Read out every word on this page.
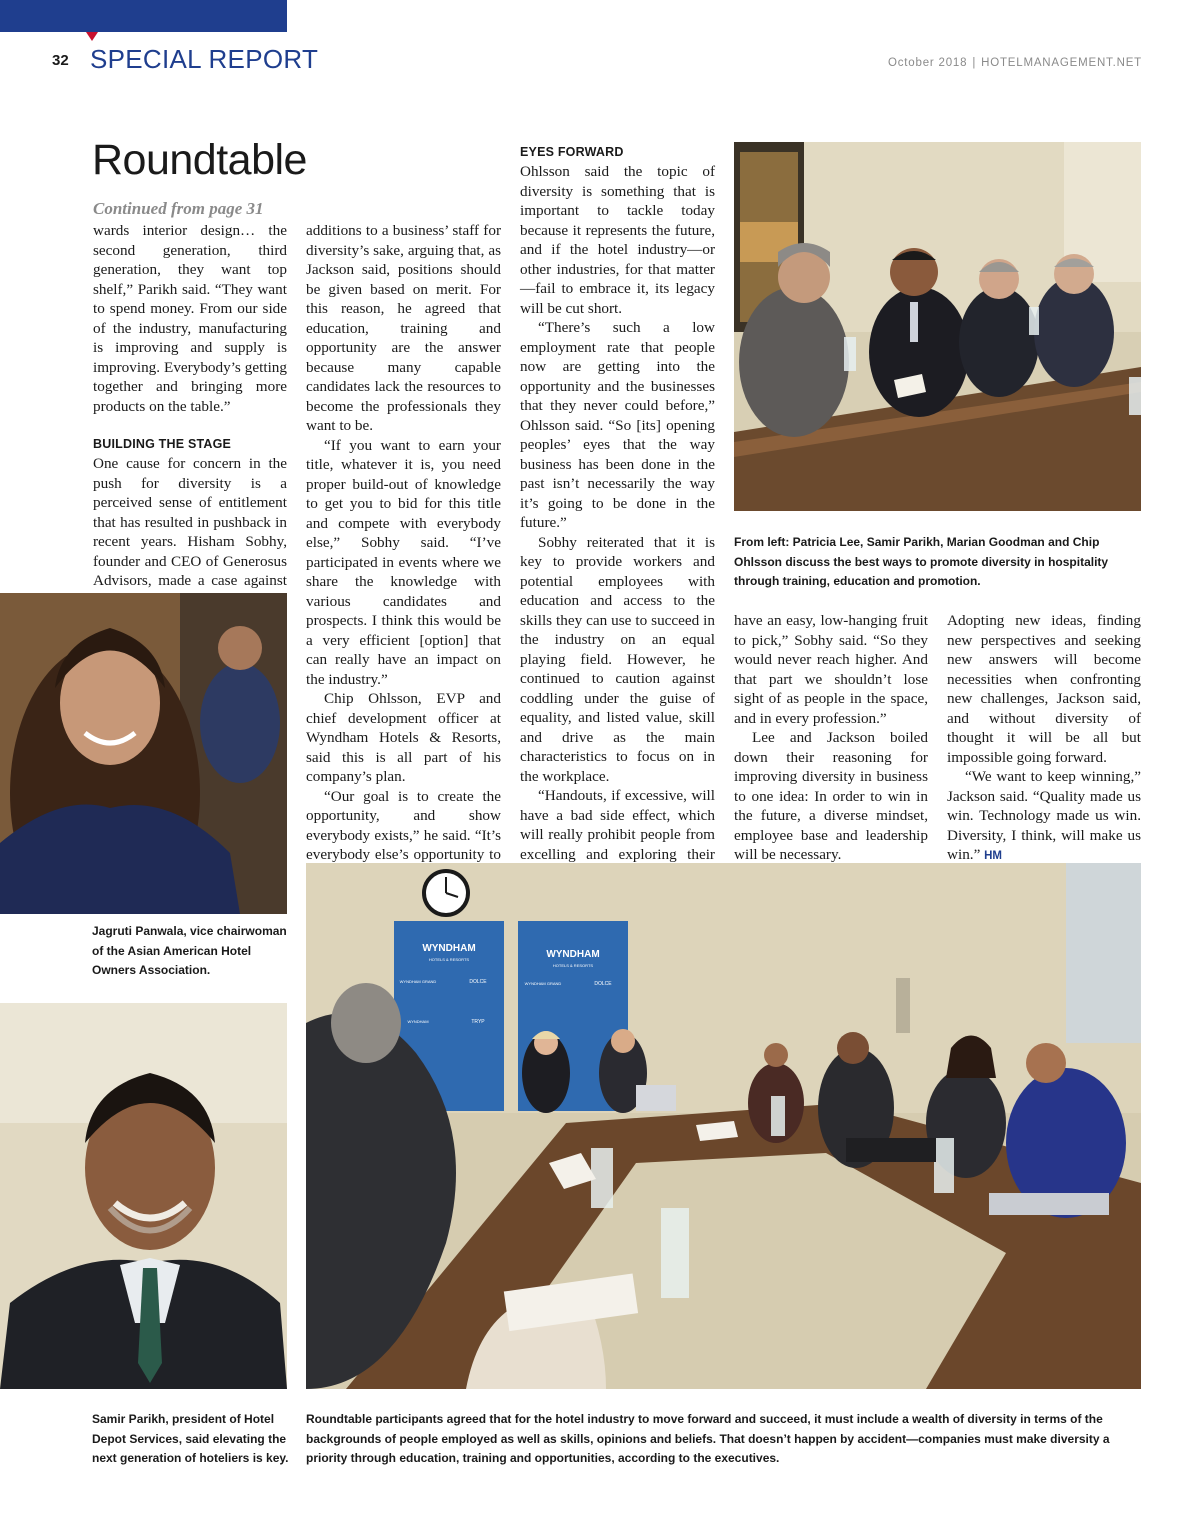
32 SPECIAL REPORT	October 2018 | HOTELMANAGEMENT.NET
Roundtable
Continued from page 31

wards interior design… the second generation, third generation, they want top shelf,” Parikh said. “They want to spend money. From our side of the industry, manufacturing is improving and supply is improving. Everybody’s getting together and bringing more products on the table.”

BUILDING THE STAGE

One cause for concern in the push for diversity is a perceived sense of entitlement that has resulted in pushback in recent years. Hisham Sobhy, founder and CEO of Generosus Advisors, made a case against

additions to a business’ staff for diversity’s sake, arguing that, as Jackson said, positions should be given based on merit. For this reason, he agreed that education, training and opportunity are the answer because many capable candidates lack the resources to become the professionals they want to be.

“If you want to earn your title, whatever it is, you need proper build-out of knowledge to get you to bid for this title and compete with everybody else,” Sobhy said. “I’ve participated in events where we share the knowledge with various candidates and prospects. I think this would be a very efficient [option] that can really have an impact on the industry.”

Chip Ohlsson, EVP and chief development officer at Wyndham Hotels & Resorts, said this is all part of his company’s plan.

“Our goal is to create the opportunity, and show everybody exists,” he said. “It’s everybody else’s opportunity to

EYES FORWARD

Ohlsson said the topic of diversity is something that is important to tackle today because it represents the future, and if the hotel industry—or other industries, for that matter—fail to embrace it, its legacy will be cut short.

“There’s such a low employment rate that people now are getting into the opportunity and the businesses that they never could before,” Ohlsson said. “So [its] opening peoples’ eyes that the way business has been done in the past isn’t necessarily the way it’s going to be done in the future.”

Sobhy reiterated that it is key to provide workers and potential employees with education and access to the skills they can use to succeed in the industry on an equal playing field. However, he continued to caution against coddling under the guise of equality, and listed value, skill and drive as the main characteristics to focus on in the workplace.

“Handouts, if excessive, will have a bad side effect, which will really prohibit people from excelling and exploring their

have an easy, low-hanging fruit to pick,” Sobhy said. “So they would never reach higher. And that part we shouldn’t lose sight of as people in the space, and in every profession.”

Lee and Jackson boiled down their reasoning for improving diversity in business to one idea: In order to win in the future, a diverse mindset, employee base and leadership will be necessary.

Adopting new ideas, finding new perspectives and seeking new answers will become necessities when confronting new challenges, Jackson said, and without diversity of thought it will be all but impossible going forward.

“We want to keep winning,” Jackson said. “Quality made us win. Technology made us win. Diversity, I think, will make us win.” HM

From left: Patricia Lee, Samir Parikh, Marian Goodman and Chip Ohlsson discuss the best ways to promote diversity in hospitality through training, education and promotion.
Jagruti Panwala, vice chairwoman of the Asian American Hotel Owners Association.
Samir Parikh, president of Hotel Depot Services, said elevating the next generation of hoteliers is key.
WYNDHAM
HOTELS & RESORTS
WYNDHAM GRAND	DOLCE
WYNDHAM	TRYP
WYNDHAM
HOTELS & RESORTS
WYNDHAM GRAND	DOLCE
Roundtable participants agreed that for the hotel industry to move forward and succeed, it must include a wealth of diversity in terms of the backgrounds of people employed as well as skills, opinions and beliefs. That doesn’t happen by accident—companies must make diversity a priority through education, training and opportunities, according to the executives.
